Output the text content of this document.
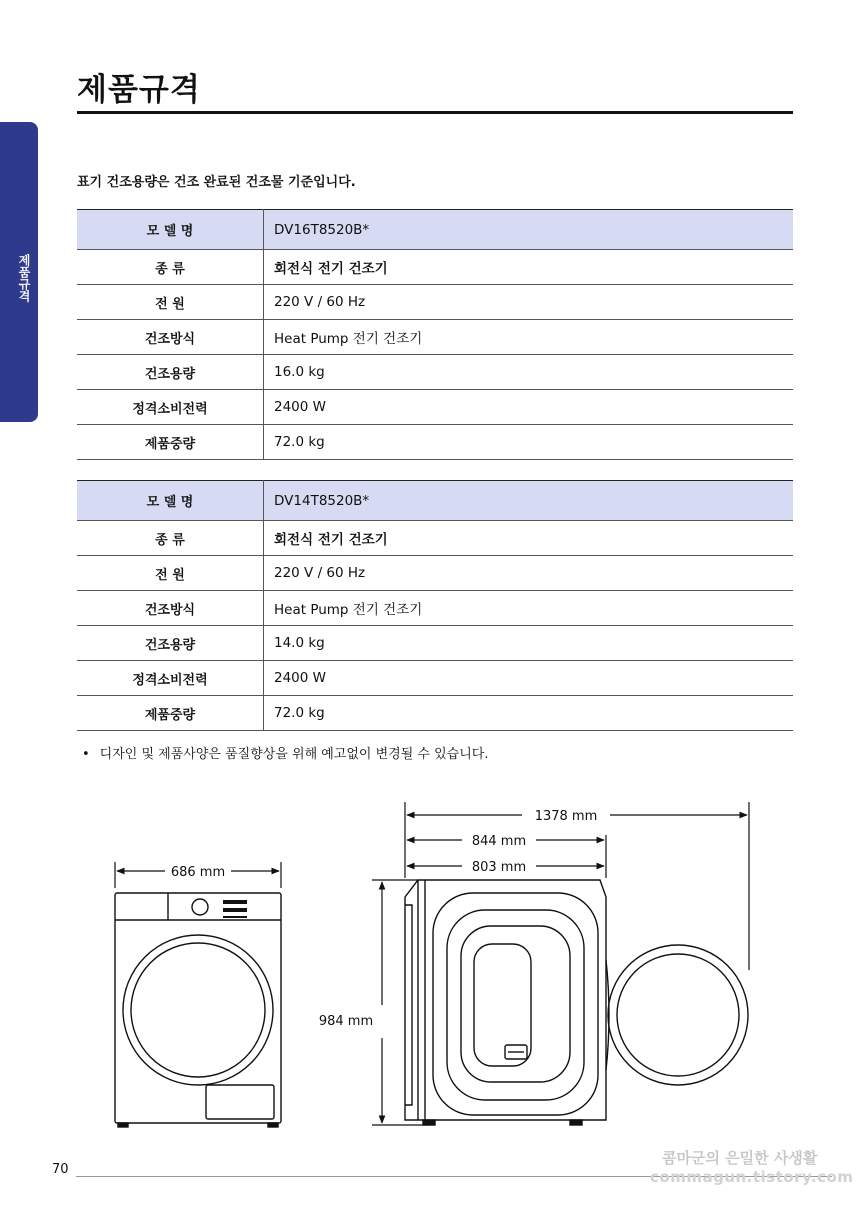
제품규격
제품규격
표기 건조용량은 건조 완료된 건조물 기준입니다.
모 델 명	DV16T8520B*
종 류	회전식 전기 건조기
전 원	220 V / 60 Hz
건조방식	Heat Pump 전기 건조기
건조용량	16.0 kg
정격소비전력	2400 W
제품중량	72.0 kg
모 델 명	DV14T8520B*
종 류	회전식 전기 건조기
전 원	220 V / 60 Hz
건조방식	Heat Pump 전기 건조기
건조용량	14.0 kg
정격소비전력	2400 W
제품중량	72.0 kg
• 디자인 및 제품사양은 품질향상을 위해 예고없이 변경될 수 있습니다.
686 mm
1378 mm
844 mm
803 mm
984 mm
70
콤마군의 은밀한 사생활
commagun.tistory.com
